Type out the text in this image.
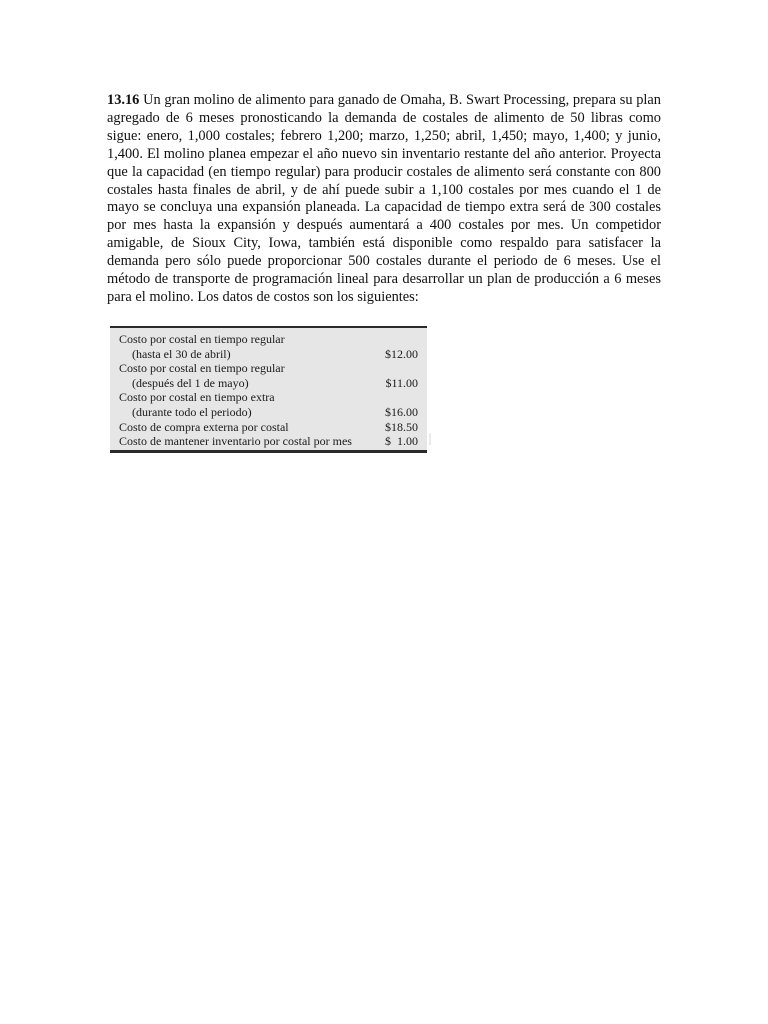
13.16 Un gran molino de alimento para ganado de Omaha, B. Swart Processing, prepara su plan agregado de 6 meses pronosticando la demanda de costales de alimento de 50 libras como sigue: enero, 1,000 costales; febrero 1,200; marzo, 1,250; abril, 1,450; mayo, 1,400; y junio, 1,400. El molino planea empezar el año nuevo sin inventario restante del año anterior. Proyecta que la capacidad (en tiempo regular) para producir costales de alimento será constante con 800 costales hasta finales de abril, y de ahí puede subir a 1,100 costales por mes cuando el 1 de mayo se concluya una expansión planeada. La capacidad de tiempo extra será de 300 costales por mes hasta la expansión y después aumentará a 400 costales por mes. Un competidor amigable, de Sioux City, Iowa, también está disponible como respaldo para satisfacer la demanda pero sólo puede proporcionar 500 costales durante el periodo de 6 meses. Use el método de transporte de programación lineal para desarrollar un plan de producción a 6 meses para el molino. Los datos de costos son los siguientes:

Costo por costal en tiempo regular
(hasta el 30 de abril)	$12.00
Costo por costal en tiempo regular
(después del 1 de mayo)	$11.00
Costo por costal en tiempo extra
(durante todo el periodo)	$16.00
Costo de compra externa por costal	$18.50
Costo de mantener inventario por costal por mes	$  1.00
